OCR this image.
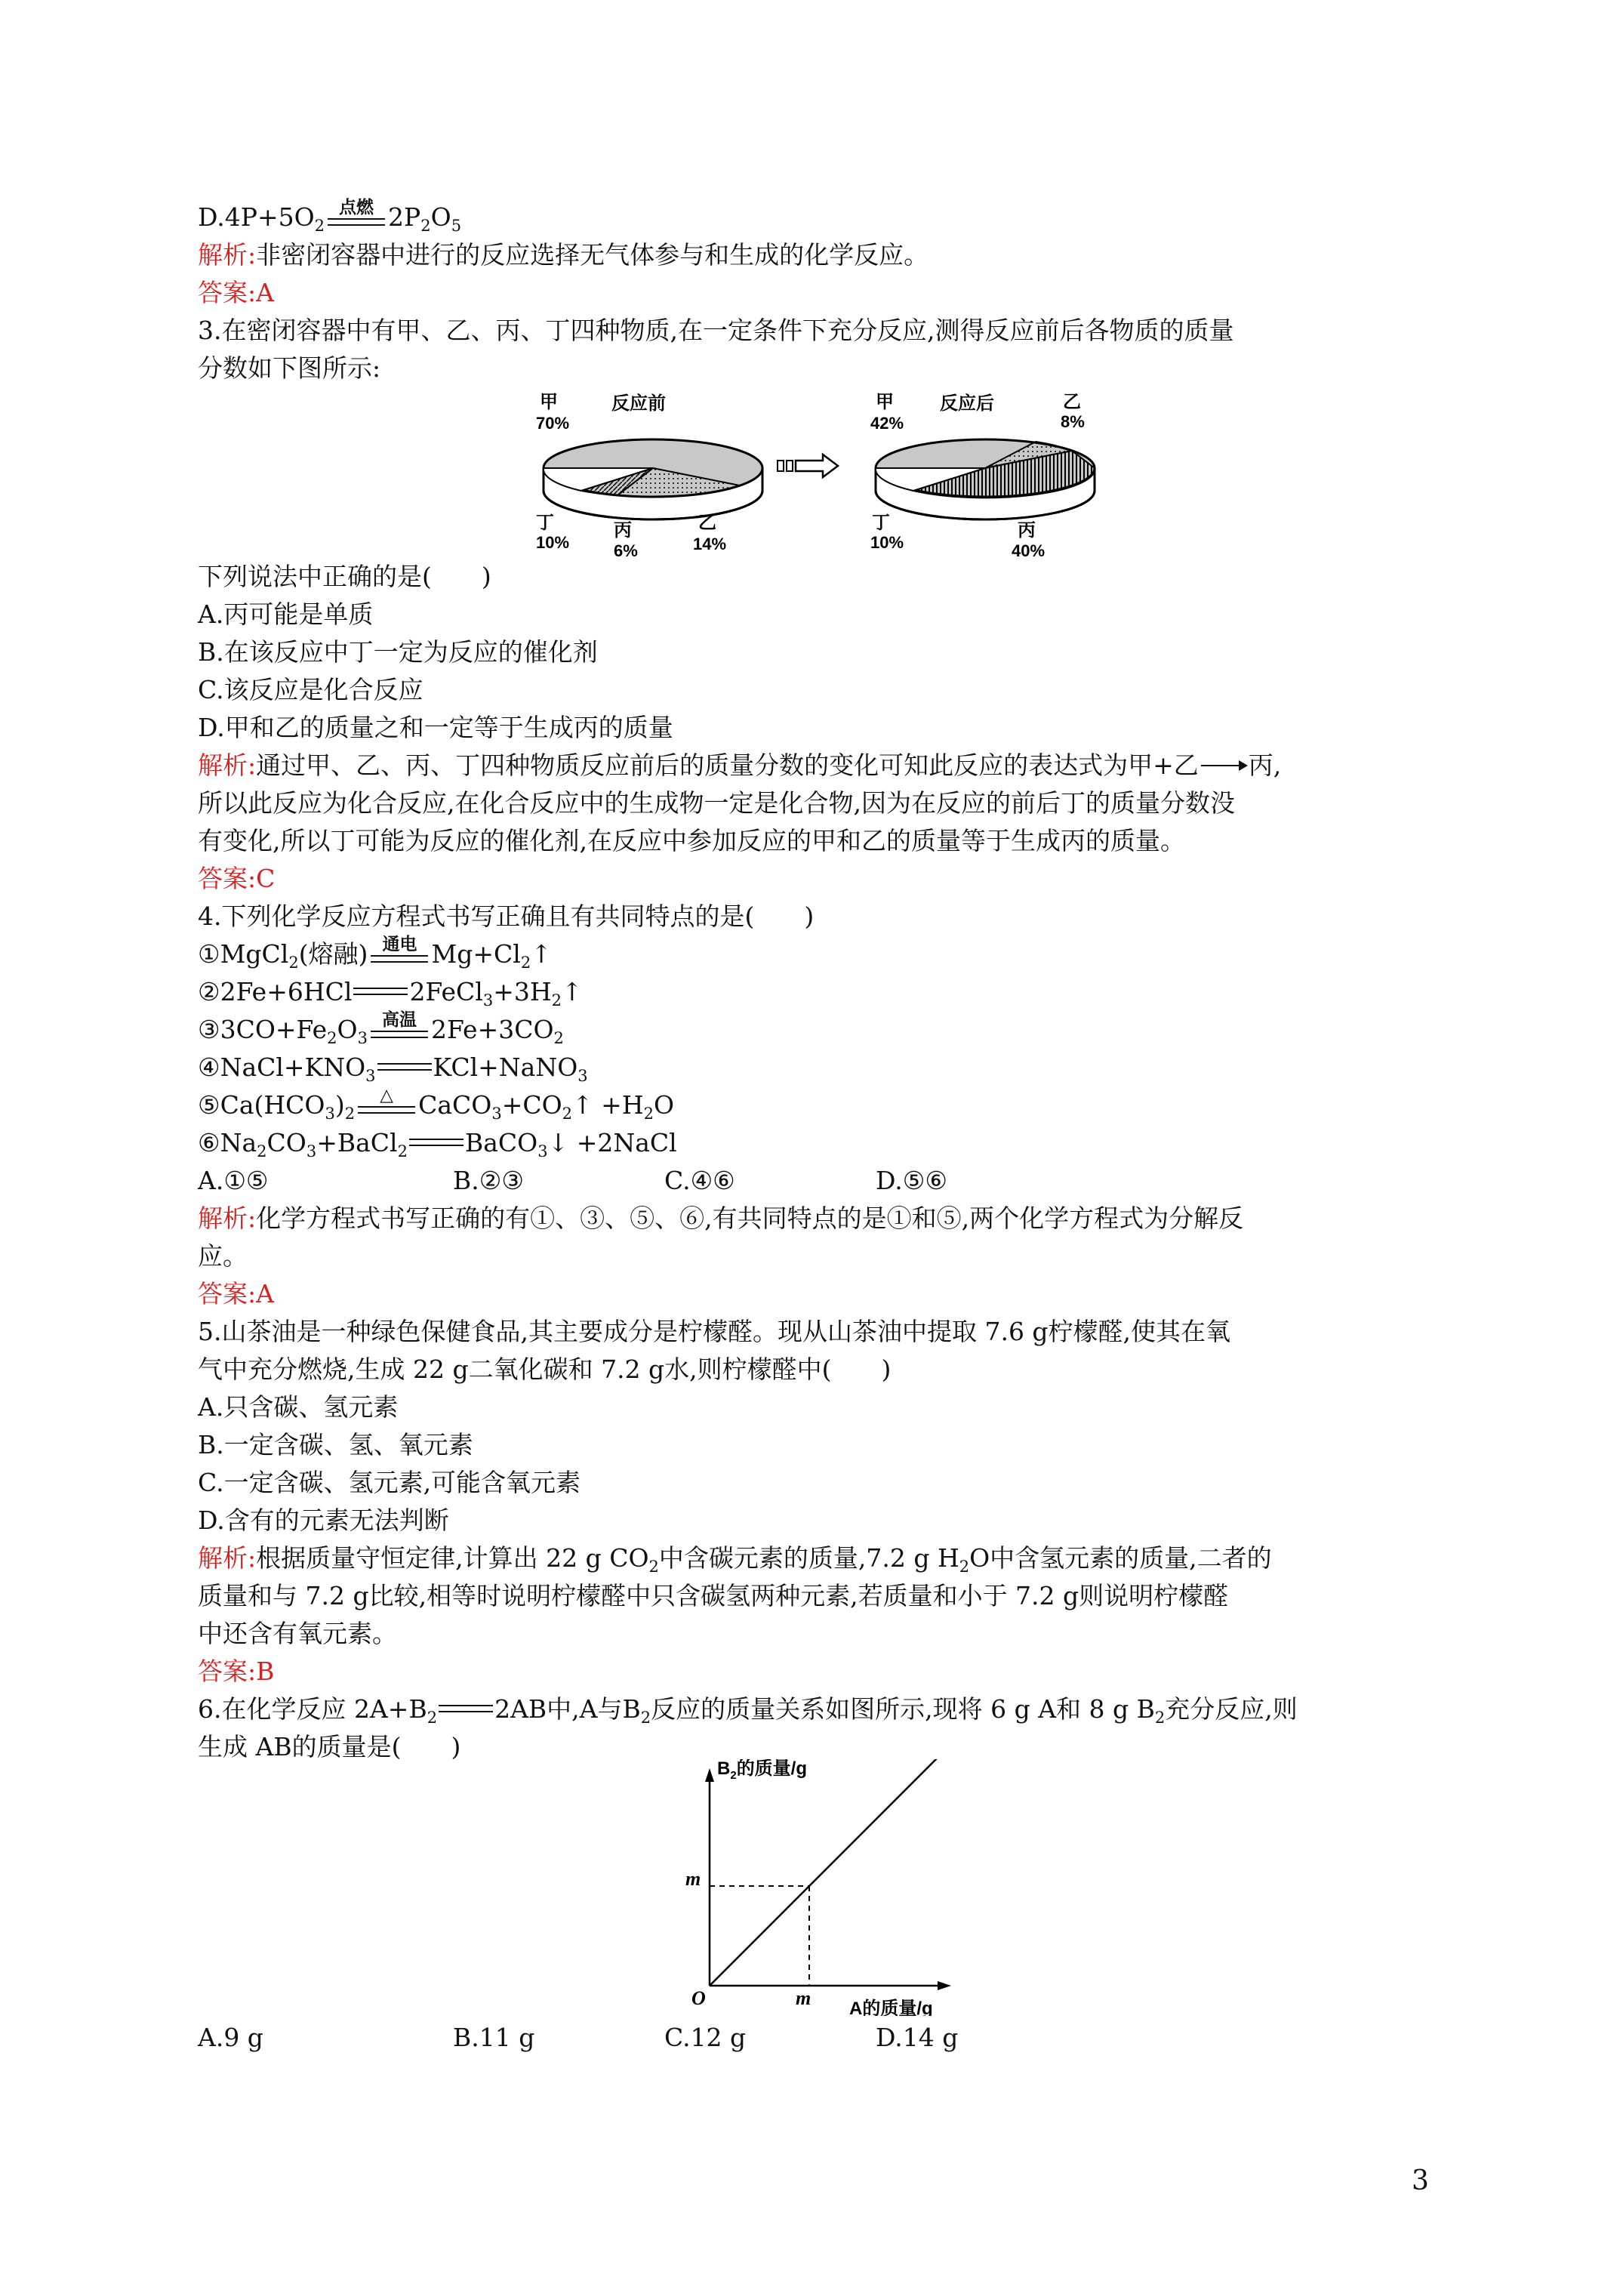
$D.4P+5O_2$
点燃 $2P_2O_5$
解析:非密闭容器中进行的反应选择无气体参与和生成的化学反应。
答案:A
3.在密闭容器中有甲、乙、丙、丁四种物质,在一定条件下充分反应,测得反应前后各物质的质量
分数如下图所示:
甲
70%
反应前
丁
10%
丙
6%
乙
14%
甲
42%
反应后	乙
8%
丁
10%
丙
40%
下列说法中正确的是(　　)
A.丙可能是单质
B.在该反应中丁一定为反应的催化剂
C.该反应是化合反应
D.甲和乙的质量之和一定等于生成丙的质量
解析:通过甲、乙、丙、丁四种物质反应前后的质量分数的变化可知此反应的表达式为甲+乙 丙,
所以此反应为化合反应,在化合反应中的生成物一定是化合物,因为在反应的前后丁的质量分数没
有变化,所以丁可能为反应的催化剂,在反应中参加反应的甲和乙的质量等于生成丙的质量。
答案:C
4.下列化学反应方程式书写正确且有共同特点的是(　　)
①MgCl$_2$(熔融) 通电 $Mg+Cl_2↑$
②2Fe+6HCl $2FeCl_3+3H_2↑$
$③3CO+Fe_2O_3$
高温 $2Fe+3CO_2$
$④NaCl+KNO_3$ KCl+NaNO$_3$
$⑤Ca(HCO_3)_2$
△	$CaCO_3+CO_2↑ +H_2O$
$⑥Na_2CO_3+BaCl_2$ BaCO$_3$↓ +2NaCl
A.①⑤	B.②③	C.④⑥	D.⑤⑥
解析:化学方程式书写正确的有①、③、⑤、⑥,有共同特点的是①和⑤,两个化学方程式为分解反
应。
答案:A
5.山茶油是一种绿色保健食品,其主要成分是柠檬醛。现从山茶油中提取 7.6 g柠檬醛,使其在氧
气中充分燃烧,生成 22 g二氧化碳和 7.2 g水,则柠檬醛中(　　)
A.只含碳、氢元素
B.一定含碳、氢、氧元素
C.一定含碳、氢元素,可能含氧元素
D.含有的元素无法判断
解析:根据质量守恒定律,计算出 22 g $CO_2$中含碳元素的质量,7.2 g $H_2O$中含氢元素的质量,二者的
质量和与 7.2 g比较,相等时说明柠檬醛中只含碳氢两种元素,若质量和小于 7.2 g则说明柠檬醛
中还含有氧元素。
答案:B
6.在化学反应 $2A+B_2$ 2AB中,A与$B_2$反应的质量关系如图所示,现将 6 g A和 8 g $B_2$充分反应,则
生成 AB的质量是(　　)
$B_2$的质量/g
A的质量/g
O
m
m
A.9 g	B.11 g	C.12 g	D.14 g
3
